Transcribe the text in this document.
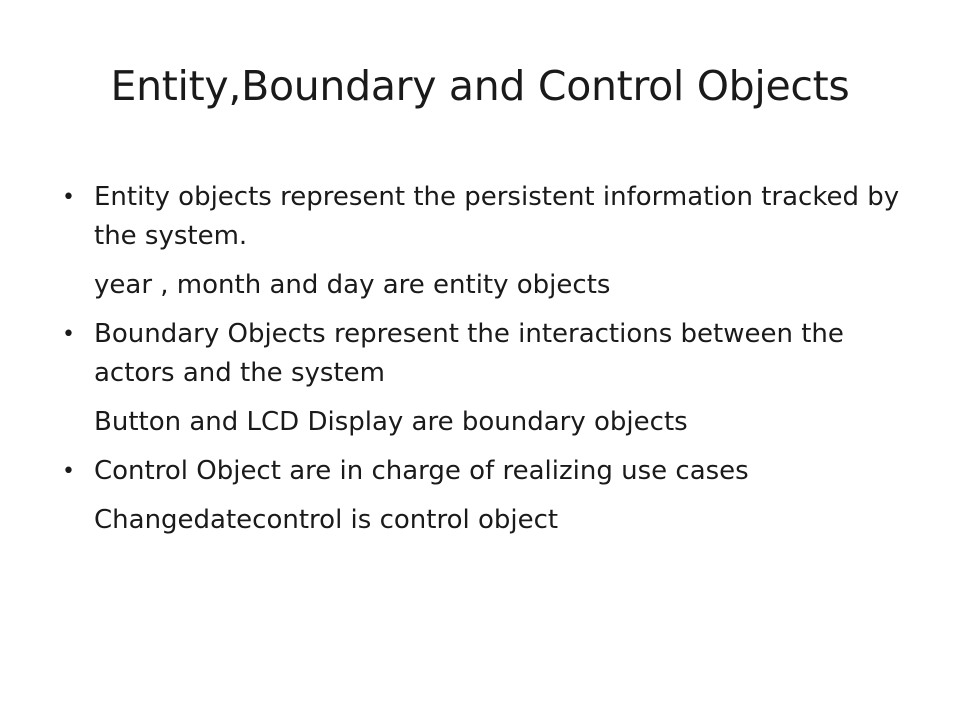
Entity,Boundary and Control Objects
• Entity objects represent the persistent information tracked by the system.
year , month and day are entity objects
• Boundary Objects represent the interactions between the actors and the system
Button and LCD Display are boundary objects
• Control Object are in charge of realizing use cases
Changedatecontrol is control object
